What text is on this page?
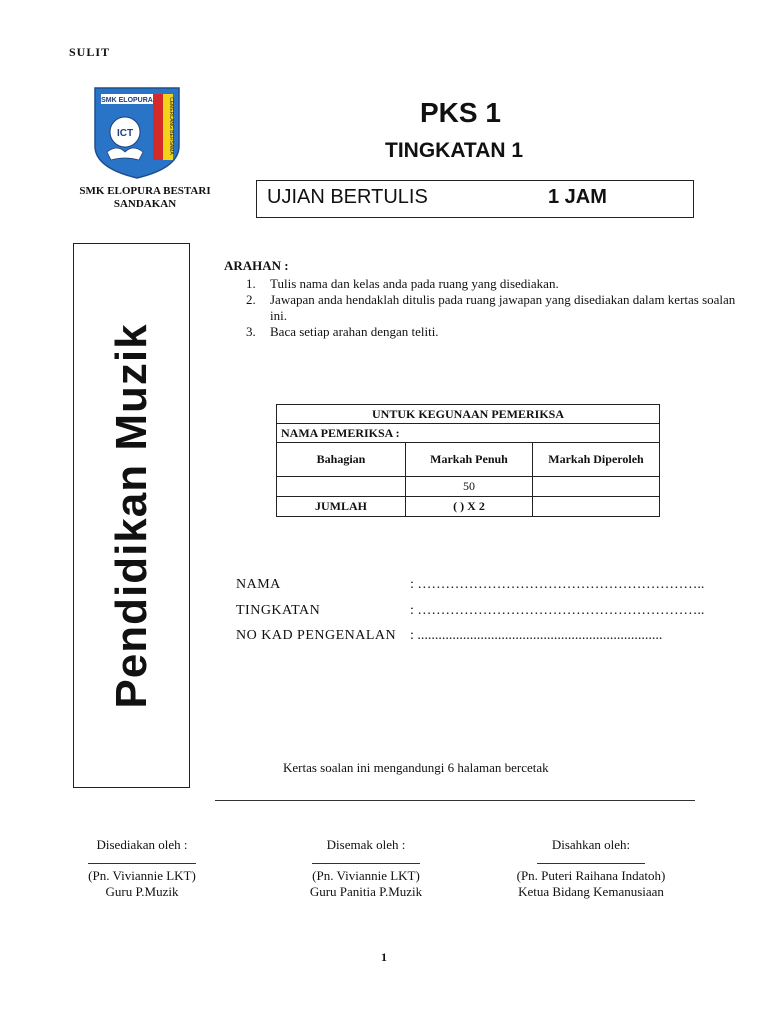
SULIT
SMK ELOPURA	CEMERLANG BERSAMA
ICT
SMK ELOPURA BESTARI
SANDAKAN
PKS 1
TINGKATAN 1
UJIAN BERTULIS	1 JAM
Pendidikan Muzik
ARAHAN :
1. Tulis nama dan kelas anda pada ruang yang disediakan.
2. Jawapan anda hendaklah ditulis pada ruang jawapan yang disediakan dalam kertas soalan ini.
3. Baca setiap arahan dengan teliti.
UNTUK KEGUNAAN PEMERIKSA		
NAMA PEMERIKSA :		
Bahagian	Markah Penuh	Markah Diperoleh
	50	
JUMLAH	( ) X 2	
NAMA	: ……………………………………………………..
TINGKATAN	: ……………………………………………………..
NO KAD PENGENALAN : ......................................................................
Kertas soalan ini mengandungi 6 halaman bercetak
Disediakan oleh :
(Pn. Viviannie LKT)
Guru P.Muzik
Disemak oleh :
(Pn. Viviannie LKT)
Guru Panitia P.Muzik
Disahkan oleh:
(Pn. Puteri Raihana Indatoh)
Ketua Bidang Kemanusiaan
1
